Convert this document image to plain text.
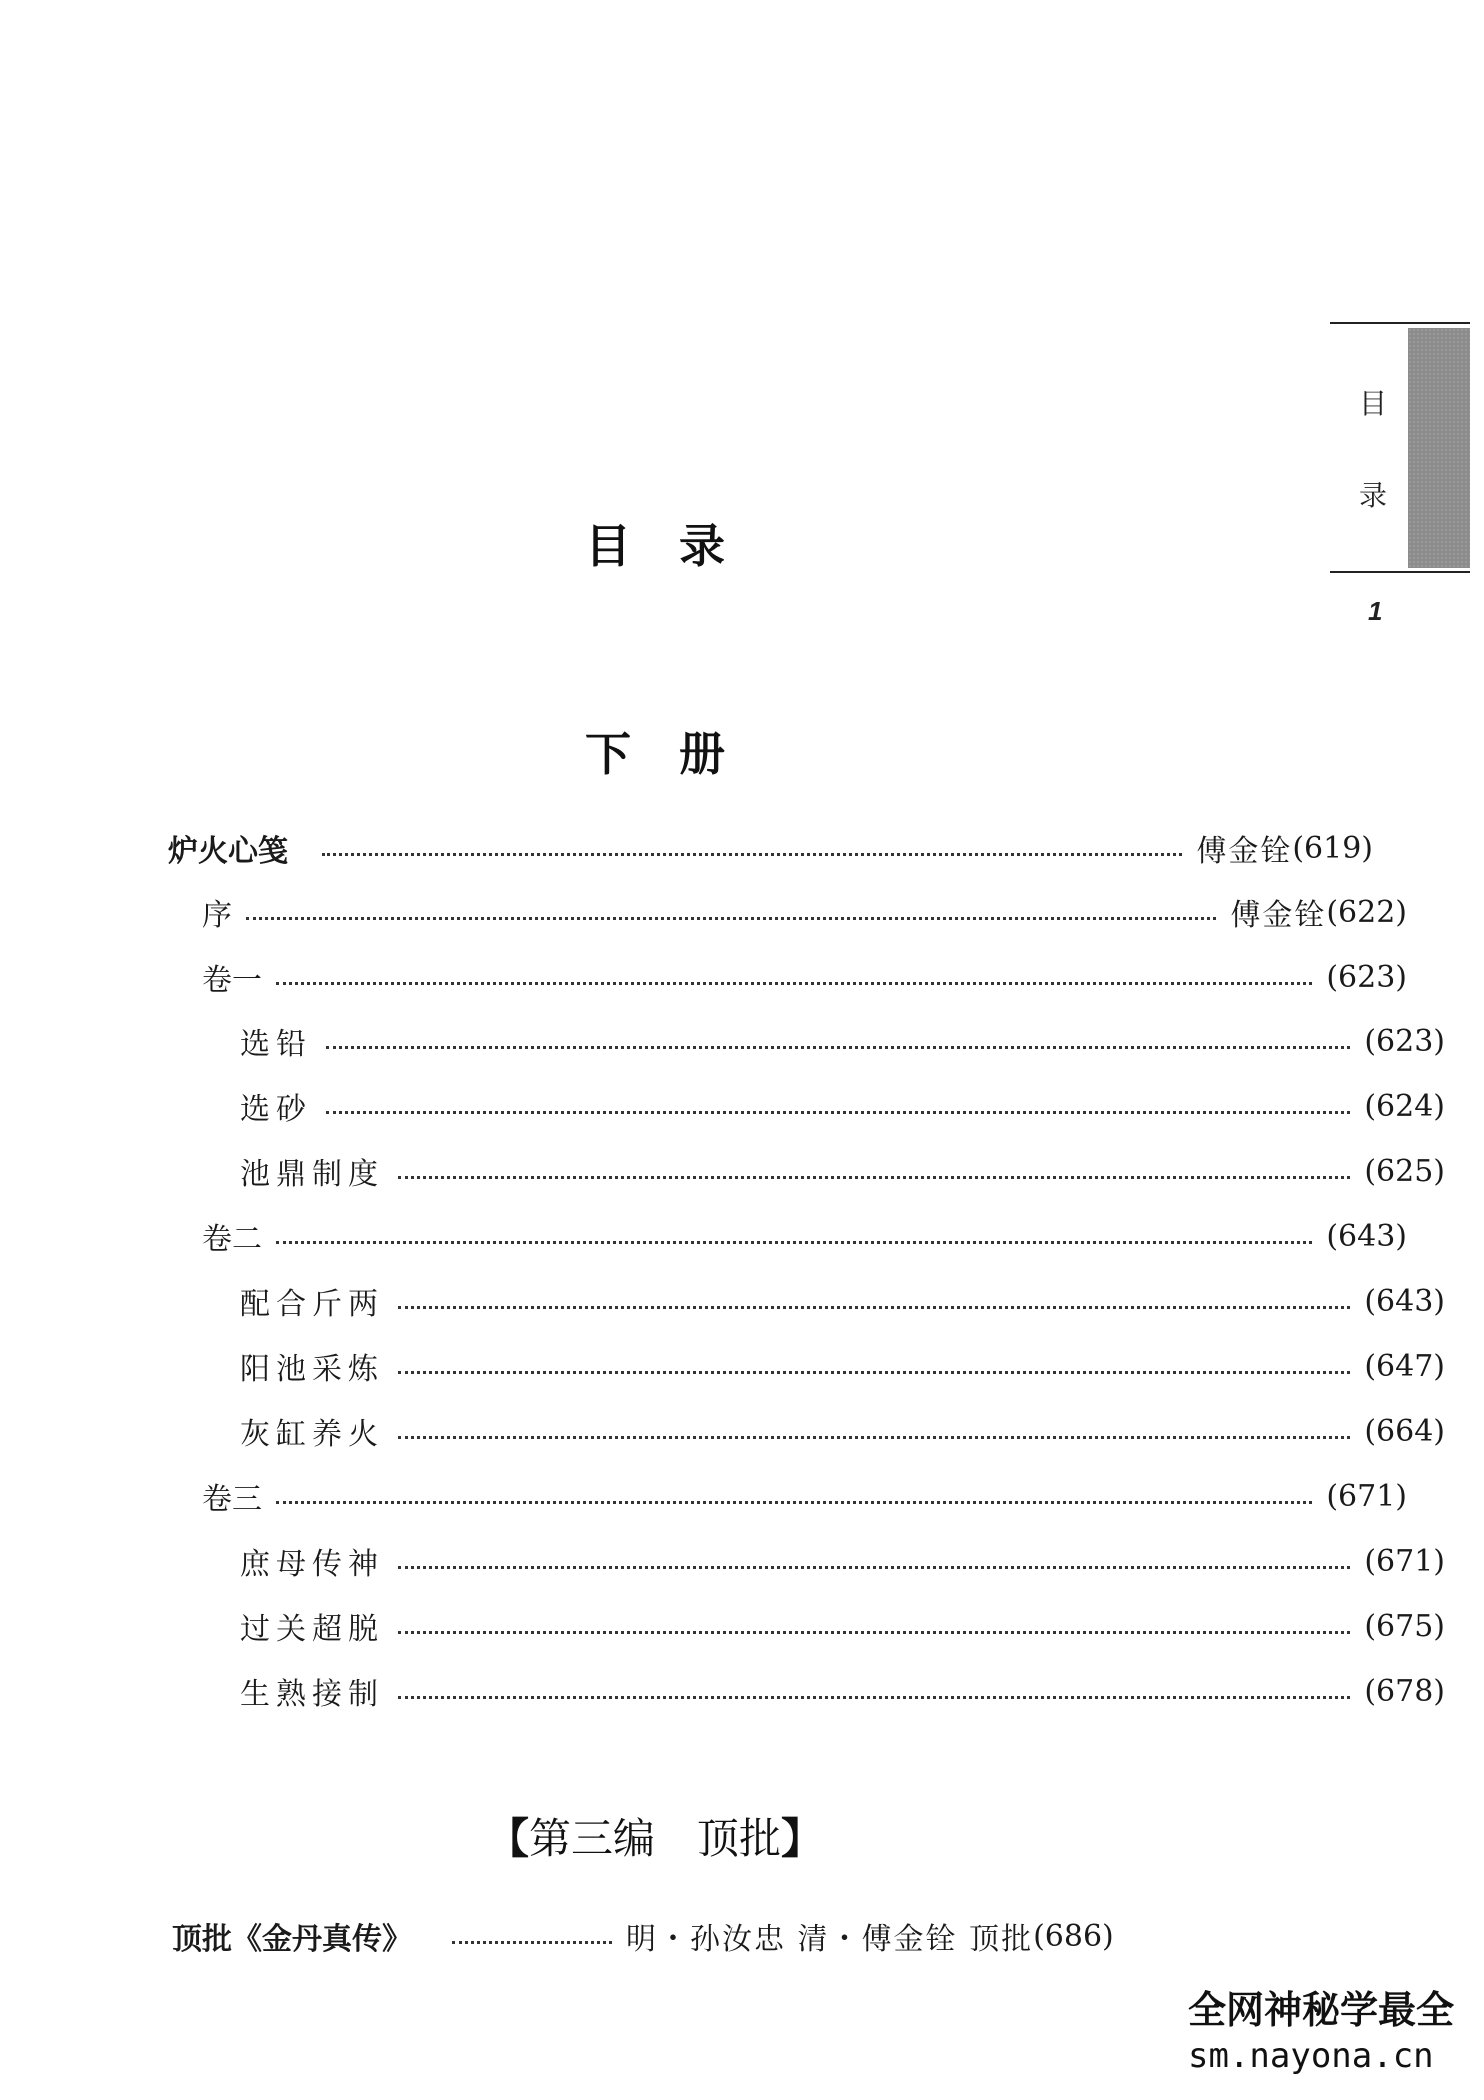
目
录
1
目录
下册
炉火心笺	傅金铨 (619)
序	傅金铨 (622)
卷一	(623)
选铅	(623)
选砂	(624)
池鼎制度	(625)
卷二	(643)
配合斤两	(643)
阳池采炼	(647)
灰缸养火	(664)
卷三	(671)
庶母传神	(671)
过关超脱	(675)
生熟接制	(678)
【第三编 顶批】
顶批《金丹真传》	明・孙汝忠 清・傅金铨 顶批 (686)
全网神秘学最全
sm.nayona.cn
